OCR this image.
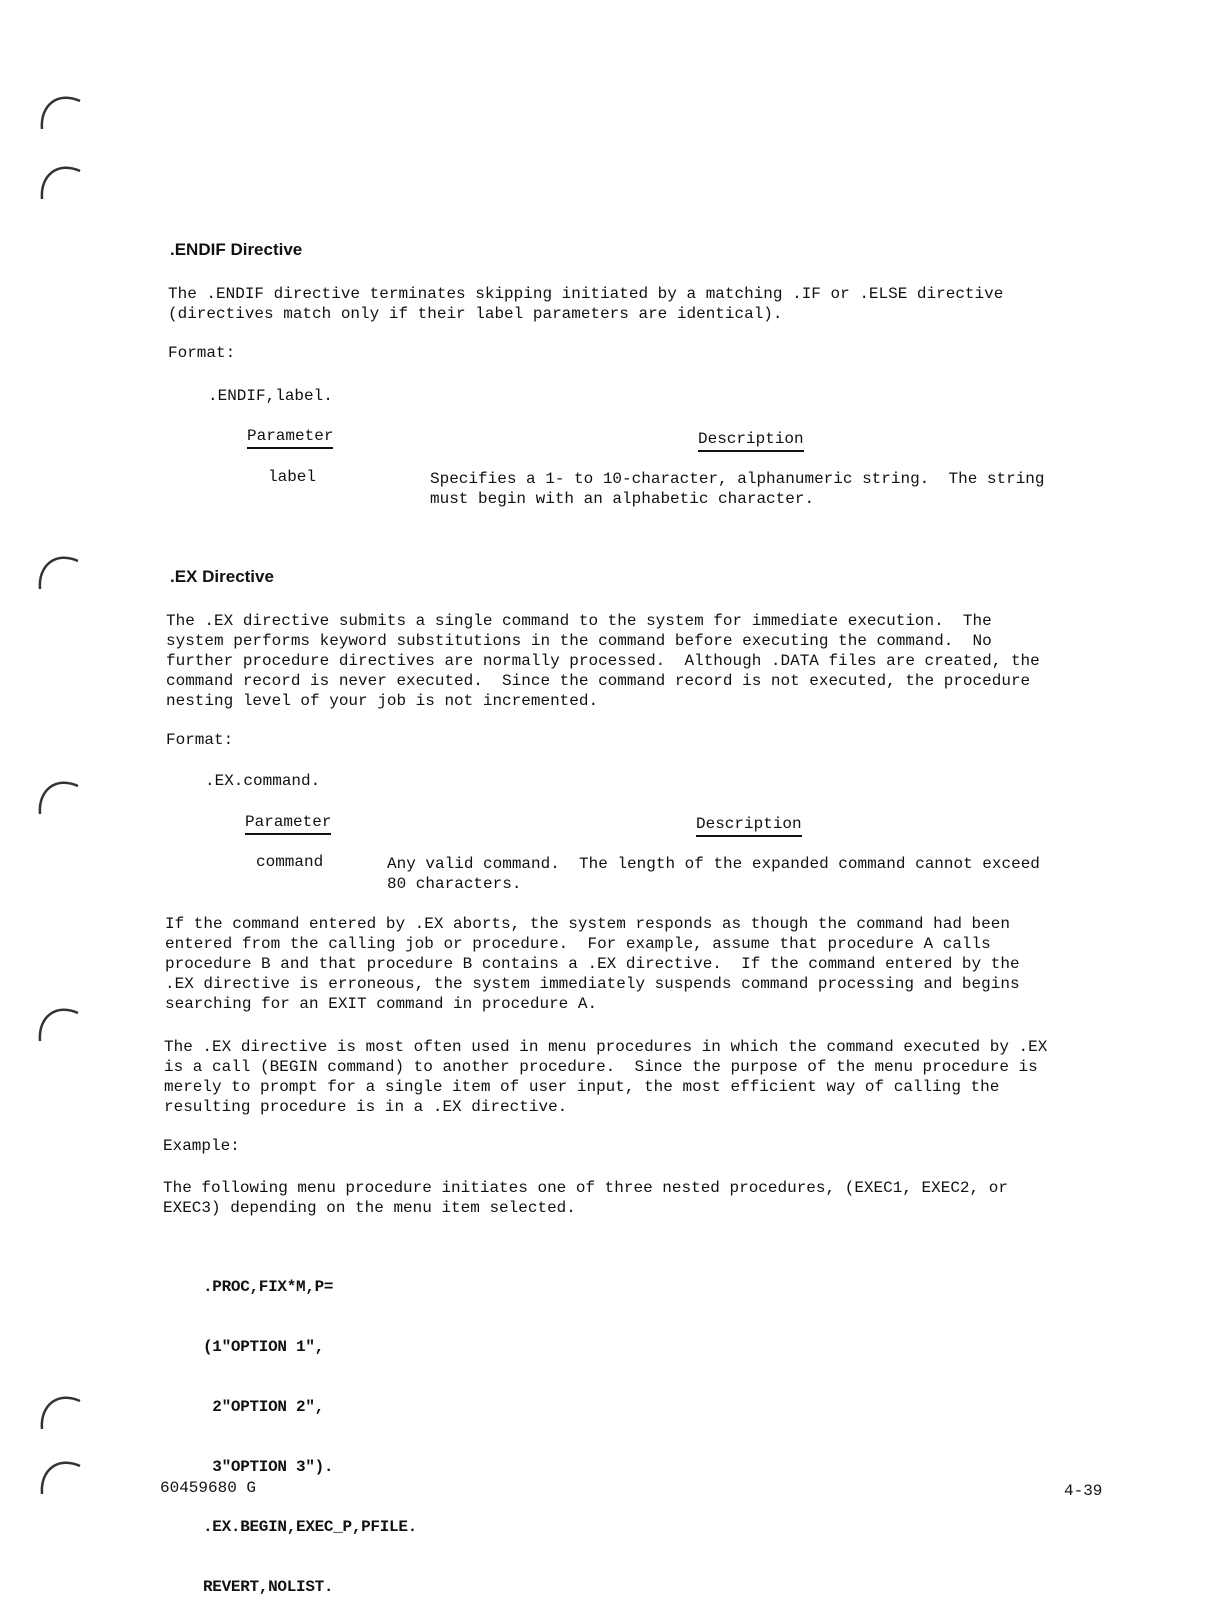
.ENDIF Directive
The .ENDIF directive terminates skipping initiated by a matching .IF or .ELSE directive
(directives match only if their label parameters are identical).
Format:
.ENDIF,label.
Parameter	Description
label	Specifies a 1- to 10-character, alphanumeric string.  The string
must begin with an alphabetic character.
.EX Directive
The .EX directive submits a single command to the system for immediate execution.  The
system performs keyword substitutions in the command before executing the command.  No
further procedure directives are normally processed.  Although .DATA files are created, the
command record is never executed.  Since the command record is not executed, the procedure
nesting level of your job is not incremented.
Format:
.EX.command.
Parameter	Description
command	Any valid command.  The length of the expanded command cannot exceed
80 characters.
If the command entered by .EX aborts, the system responds as though the command had been
entered from the calling job or procedure.  For example, assume that procedure A calls
procedure B and that procedure B contains a .EX directive.  If the command entered by the
.EX directive is erroneous, the system immediately suspends command processing and begins
searching for an EXIT command in procedure A.
The .EX directive is most often used in menu procedures in which the command executed by .EX
is a call (BEGIN command) to another procedure.  Since the purpose of the menu procedure is
merely to prompt for a single item of user input, the most efficient way of calling the
resulting procedure is in a .EX directive.
Example:
The following menu procedure initiates one of three nested procedures, (EXEC1, EXEC2, or
EXEC3) depending on the menu item selected.

.PROC,FIX*M,P=

(1"OPTION 1",

2"OPTION 2",

3"OPTION 3").

.EX.BEGIN,EXEC_P,PFILE.

REVERT,NOLIST.

60459680 G	4-39
